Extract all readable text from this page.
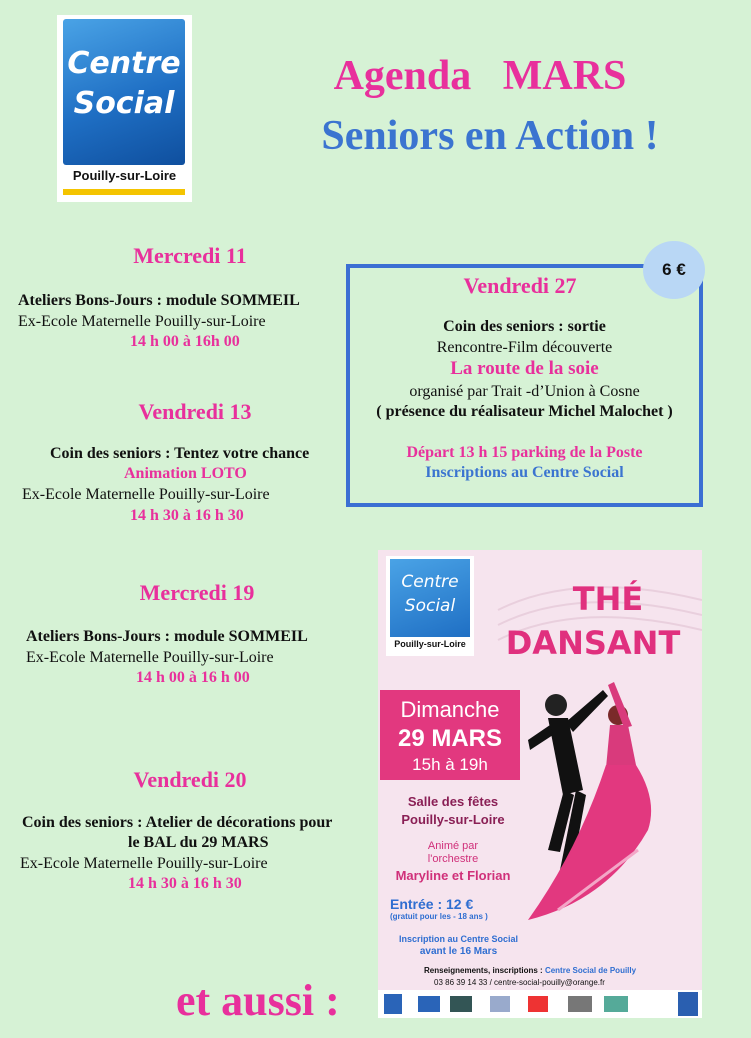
Centre
Social
Pouilly-sur-Loire
Agenda   MARS
Seniors en Action !
Mercredi 11
Ateliers Bons-Jours : module SOMMEIL
Ex-Ecole Maternelle Pouilly-sur-Loire
14 h 00 à 16h 00
Vendredi 13
Coin des seniors : Tentez votre chance
Animation LOTO
Ex-Ecole Maternelle Pouilly-sur-Loire
14 h 30 à 16 h 30
Mercredi 19
Ateliers Bons-Jours : module SOMMEIL
Ex-Ecole Maternelle Pouilly-sur-Loire
14 h 00 à 16 h 00
Vendredi 20
Coin des seniors : Atelier de décorations pour
le BAL du 29 MARS
Ex-Ecole Maternelle Pouilly-sur-Loire
14 h 30 à 16 h 30
6 €
Vendredi 27
Coin des seniors : sortie
Rencontre-Film découverte
La route de la soie
organisé par Trait -d’Union à Cosne
( présence du réalisateur Michel Malochet )
Départ 13 h 15 parking de la Poste
Inscriptions au Centre Social
Centre
Social
Pouilly-sur-Loire
THÉ
DANSANT
Dimanche
29 MARS
15h à 19h
Salle des fêtes
Pouilly-sur-Loire
Animé par
l'orchestre
Maryline et Florian
Entrée : 12 €
(gratuit pour les - 18 ans )
Inscription au Centre Social
avant le 16 Mars
Renseignements, inscriptions : Centre Social de Pouilly
03 86 39 14 33 / centre-social-pouilly@orange.fr
et aussi :
